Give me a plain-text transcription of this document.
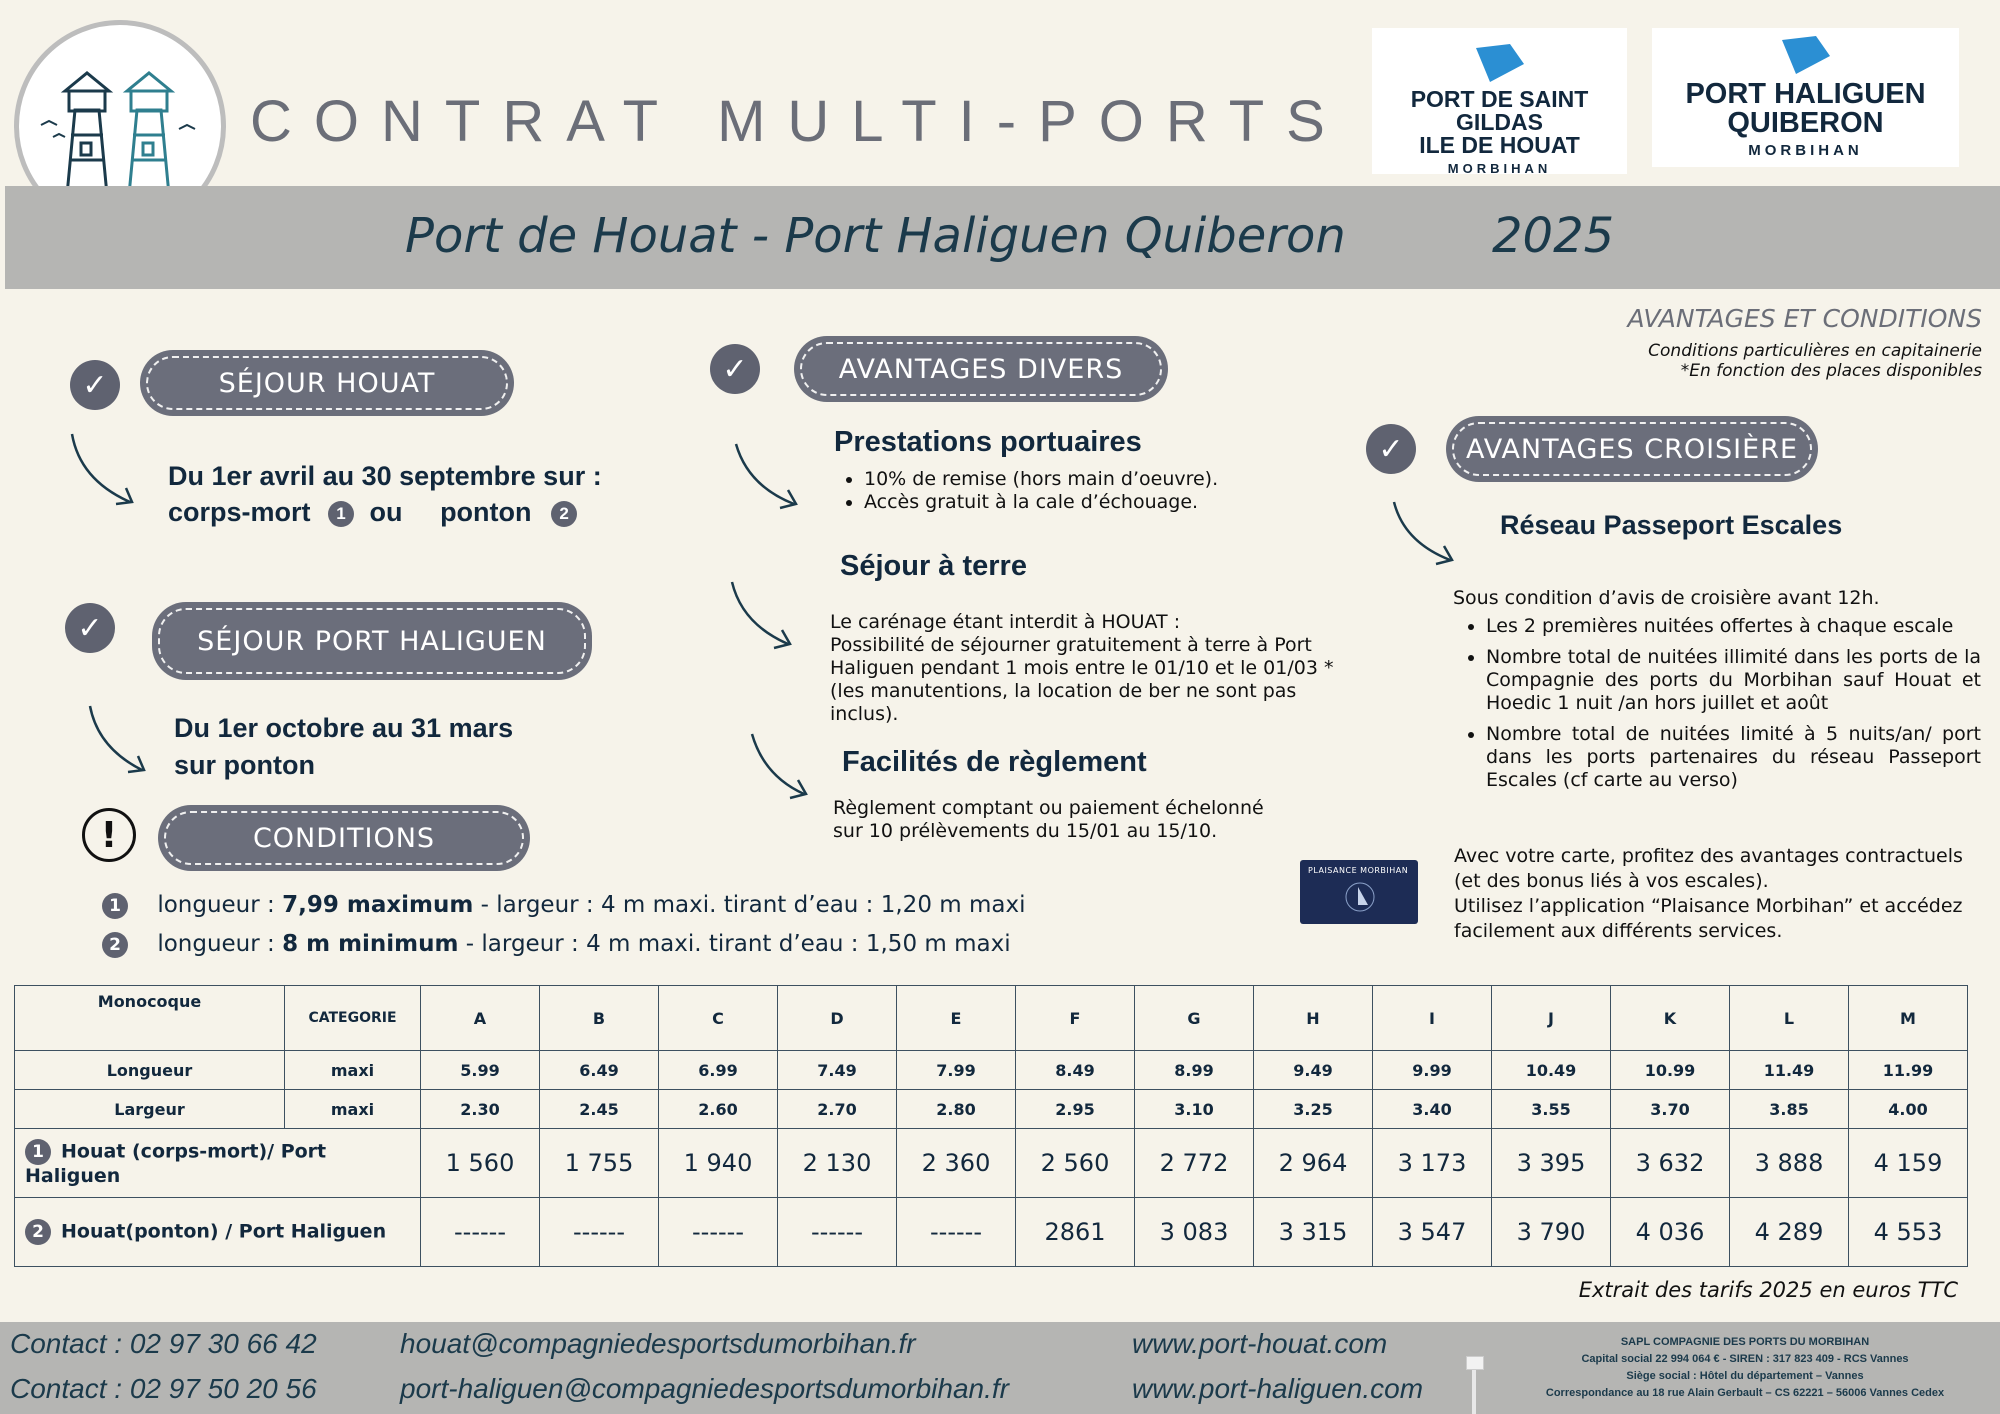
CONTRAT MULTI-PORTS	PORT DE SAINT GILDAS
ILE DE HOUAT
MORBIHAN
PORT HALIGUEN
QUIBERON
MORBIHAN
Port de Houat - Port Haliguen Quiberon	2025
AVANTAGES ET CONDITIONS
Conditions particulières en capitainerie
*En fonction des places disponibles
✓	SÉJOUR HOUAT
Du 1er avril au 30 septembre sur :
corps-mort 1 ou ponton 2
✓	SÉJOUR PORT HALIGUEN
Du 1er octobre au 31 mars
sur ponton
!	CONDITIONS
1 longueur : 7,99 maximum - largeur : 4 m maxi. tirant d’eau : 1,20 m maxi
2 longueur : 8 m minimum - largeur : 4 m maxi. tirant d’eau : 1,50 m maxi
✓	AVANTAGES DIVERS
Prestations portuaires
• 10% de remise (hors main d’oeuvre).
• Accès gratuit à la cale d’échouage.
Séjour à terre
Le carénage étant interdit à HOUAT :
Possibilité de séjourner gratuitement à terre à Port
Haliguen pendant 1 mois entre le 01/10 et le 01/03 *
(les manutentions, la location de ber ne sont pas
inclus).
Facilités de règlement
Règlement comptant ou paiement échelonné
sur 10 prélèvements du 15/01 au 15/10.
✓	AVANTAGES CROISIÈRE
Réseau Passeport Escales
Sous condition d’avis de croisière avant 12h.
• Les 2 premières nuitées offertes à chaque escale
• Nombre total de nuitées illimité dans les ports de la Compagnie des ports du Morbihan sauf Houat et Hoedic 1 nuit /an hors juillet et août
• Nombre total de nuitées limité à 5 nuits/an/ port dans les ports partenaires du réseau Passeport Escales (cf carte au verso)
PLAISANCE MORBIHAN
Avec votre carte, profitez des avantages contractuels
(et des bonus liés à vos escales).
Utilisez l’application “Plaisance Morbihan” et accédez
facilement aux différents services.
Monocoque	CATEGORIE	A	B	C	D	E	F	G	H	I	J	K	L	M
Longueur	maxi	5.99	6.49	6.99	7.49	7.99	8.49	8.99	9.49	9.99	10.49	10.99	11.49	11.99
Largeur	maxi	2.30	2.45	2.60	2.70	2.80	2.95	3.10	3.25	3.40	3.55	3.70	3.85	4.00
1 Houat (corps-mort)/ Port Haliguen		1 560	1 755	1 940	2 130	2 360	2 560	2 772	2 964	3 173	3 395	3 632	3 888	4 159
2 Houat(ponton) / Port Haliguen		------	------	------	------	------	2861	3 083	3 315	3 547	3 790	4 036	4 289	4 553
Extrait des tarifs 2025 en euros TTC
Contact : 02 97 30 66 42
Contact : 02 97 50 20 56
houat@compagniedesportsdumorbihan.fr
port-haliguen@compagniedesportsdumorbihan.fr
www.port-houat.com
www.port-haliguen.com
SAPL COMPAGNIE DES PORTS DU MORBIHAN
Capital social 22 994 064 € - SIREN : 317 823 409 - RCS Vannes
Siège social : Hôtel du département – Vannes
Correspondance au 18 rue Alain Gerbault – CS 62221 – 56006 Vannes Cedex
